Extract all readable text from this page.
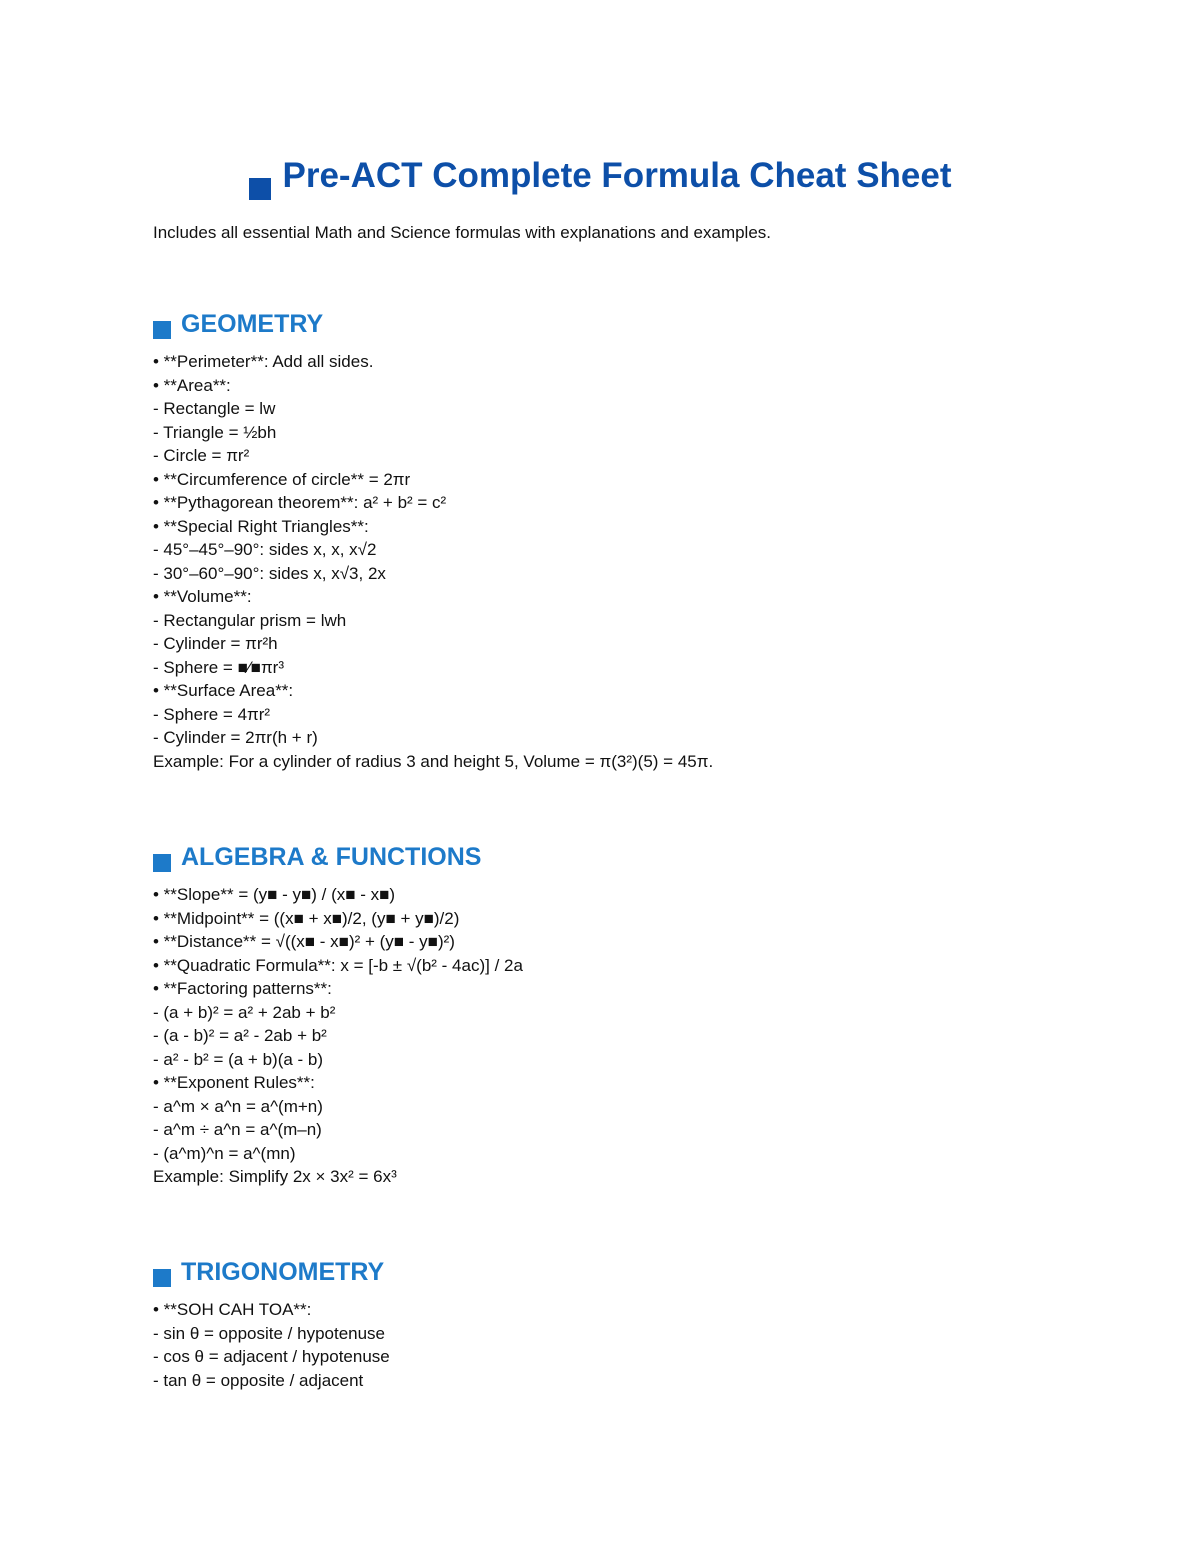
Pre-ACT Complete Formula Cheat Sheet
Includes all essential Math and Science formulas with explanations and examples.
GEOMETRY
• **Perimeter**: Add all sides.
• **Area**:
- Rectangle = lw
- Triangle = ½bh
- Circle = πr²
• **Circumference of circle** = 2πr
• **Pythagorean theorem**: a² + b² = c²
• **Special Right Triangles**:
- 45°–45°–90°: sides x, x, x√2
- 30°–60°–90°: sides x, x√3, 2x
• **Volume**:
- Rectangular prism = lwh
- Cylinder = πr²h
- Sphere = ■⁄■πr³
• **Surface Area**:
- Sphere = 4πr²
- Cylinder = 2πr(h + r)
Example: For a cylinder of radius 3 and height 5, Volume = π(3²)(5) = 45π.
ALGEBRA & FUNCTIONS
• **Slope** = (y■ - y■) / (x■ - x■)
• **Midpoint** = ((x■ + x■)/2, (y■ + y■)/2)
• **Distance** = √((x■ - x■)² + (y■ - y■)²)
• **Quadratic Formula**: x = [-b ± √(b² - 4ac)] / 2a
• **Factoring patterns**:
- (a + b)² = a² + 2ab + b²
- (a - b)² = a² - 2ab + b²
- a² - b² = (a + b)(a - b)
• **Exponent Rules**:
- a^m × a^n = a^(m+n)
- a^m ÷ a^n = a^(m–n)
- (a^m)^n = a^(mn)
Example: Simplify 2x × 3x² = 6x³
TRIGONOMETRY
• **SOH CAH TOA**:
- sin θ = opposite / hypotenuse
- cos θ = adjacent / hypotenuse
- tan θ = opposite / adjacent
